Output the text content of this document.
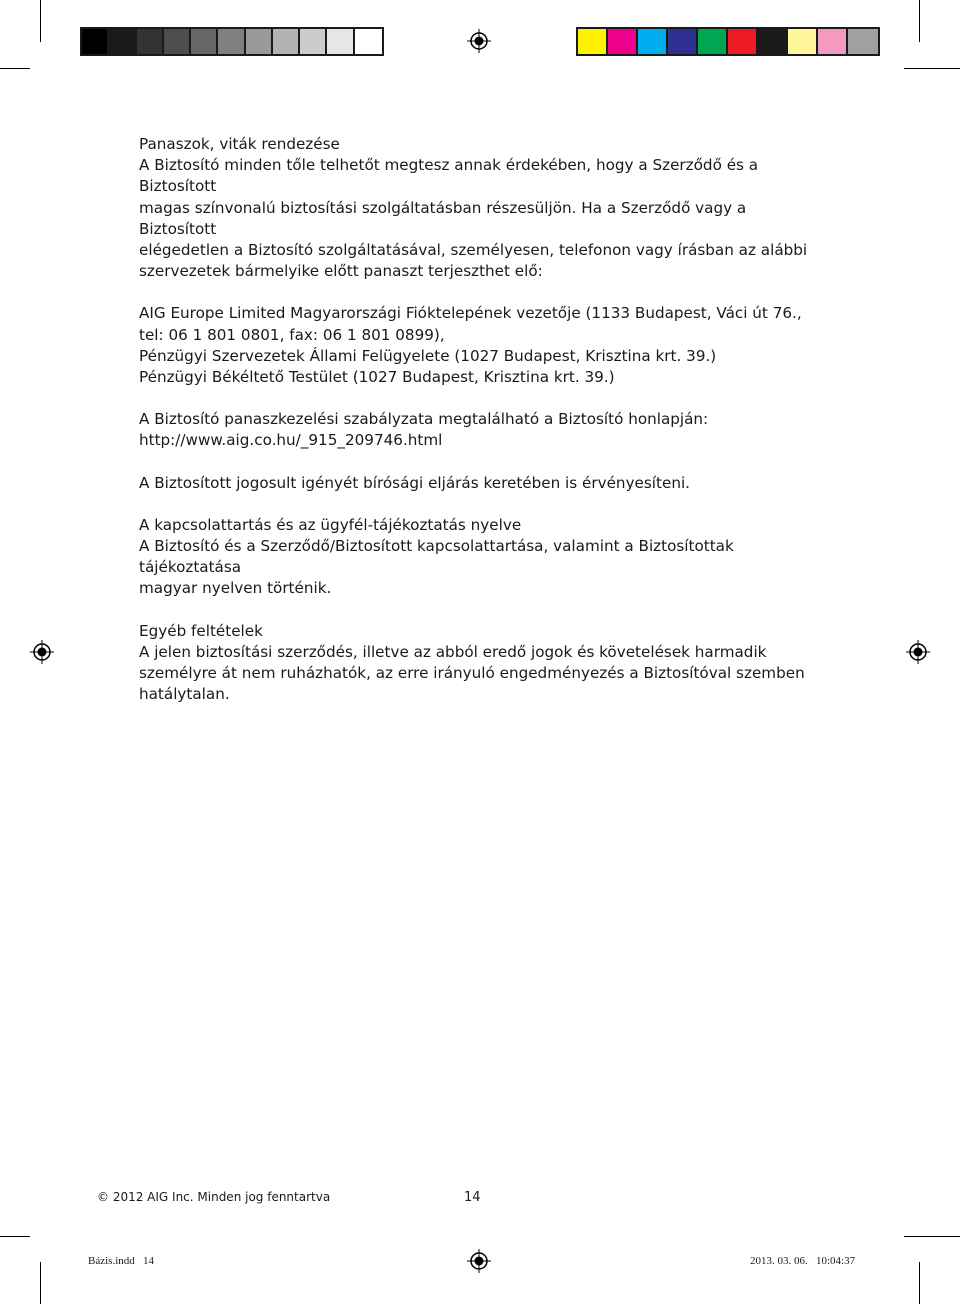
Panaszok, viták rendezése

A Biztosító minden tőle telhetőt megtesz annak érdekében, hogy a Szerződő és a Biztosított

magas színvonalú biztosítási szolgáltatásban részesüljön. Ha a Szerződő vagy a Biztosított

elégedetlen a Biztosító szolgáltatásával, személyesen, telefonon vagy írásban az alábbi

szervezetek bármelyike előtt panaszt terjeszthet elő:

AIG Europe Limited Magyarországi Fióktelepének vezetője (1133 Budapest, Váci út 76.,

tel: 06 1 801 0801, fax: 06 1 801 0899),

Pénzügyi Szervezetek Állami Felügyelete (1027 Budapest, Krisztina krt. 39.)

Pénzügyi Békéltető Testület (1027 Budapest, Krisztina krt. 39.)

A Biztosító panaszkezelési szabályzata megtalálható a Biztosító honlapján:

http://www.aig.co.hu/_915_209746.html

A Biztosított jogosult igényét bírósági eljárás keretében is érvényesíteni.

A kapcsolattartás és az ügyfél-tájékoztatás nyelve

A Biztosító és a Szerződő/Biztosított kapcsolattartása, valamint a Biztosítottak tájékoztatása

magyar nyelven történik.

Egyéb feltételek

A jelen biztosítási szerződés, illetve az abból eredő jogok és követelések harmadik

személyre át nem ruházhatók, az erre irányuló engedményezés a Biztosítóval szemben

hatálytalan.

© 2012 AIG Inc. Minden jog fenntartva	14
Bázis.indd   14	2013. 03. 06.   10:04:37
